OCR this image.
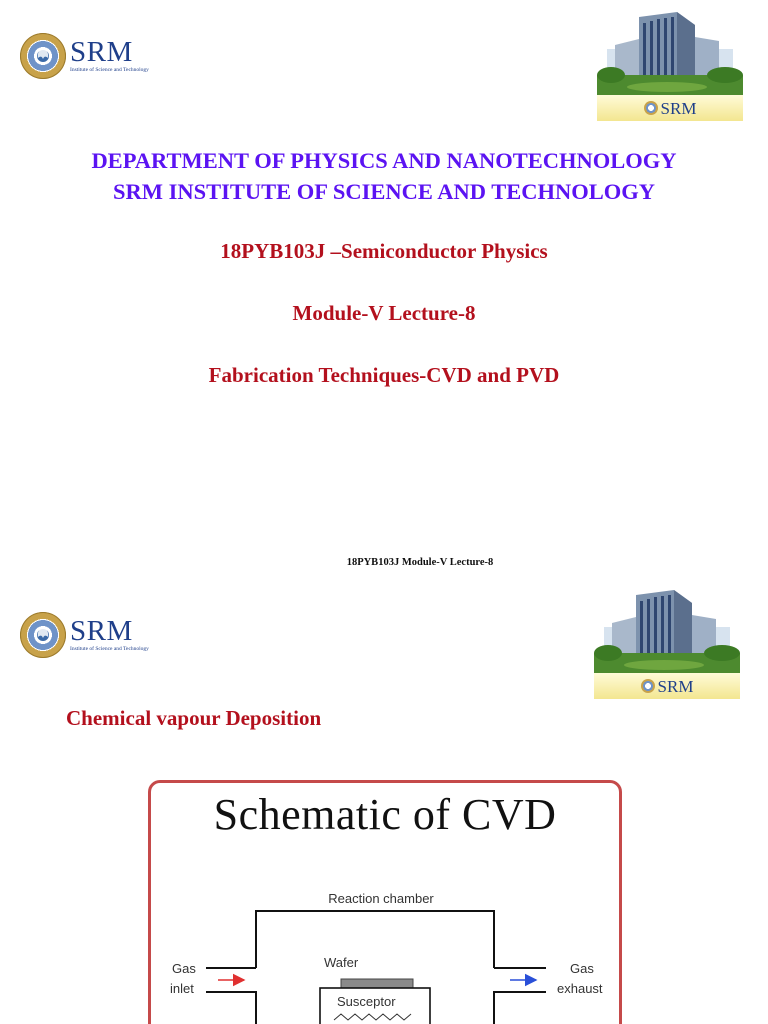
SRM
Institute of Science and Technology
SRM
DEPARTMENT OF PHYSICS AND NANOTECHNOLOGY
SRM INSTITUTE OF SCIENCE AND TECHNOLOGY
18PYB103J –Semiconductor Physics
Module-V Lecture-8
Fabrication Techniques-CVD and PVD
18PYB103J Module-V Lecture-8
SRM
Institute of Science and Technology
SRM
Chemical vapour Deposition
Schematic of CVD
Reaction chamber
Gas
inlet
Gas
exhaust
Wafer
Susceptor
